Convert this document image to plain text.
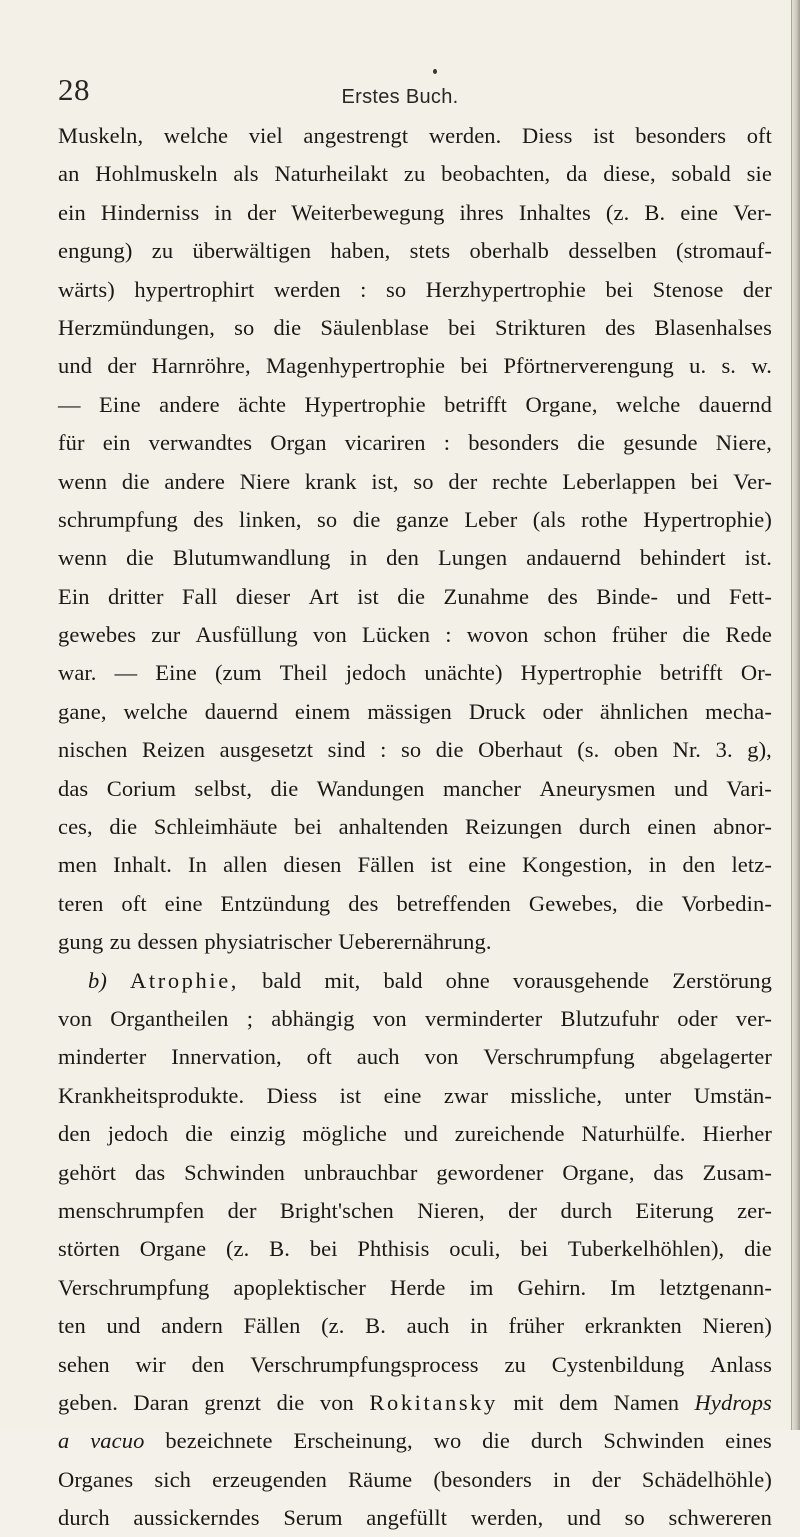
28	Erstes Buch.
Muskeln, welche viel angestrengt werden. Diess ist besonders oft
an Hohlmuskeln als Naturheilakt zu beobachten, da diese, sobald sie
ein Hinderniss in der Weiterbewegung ihres Inhaltes (z. B. eine Ver-
engung) zu überwältigen haben, stets oberhalb desselben (stromauf-
wärts) hypertrophirt werden : so Herzhypertrophie bei Stenose der
Herzmündungen, so die Säulenblase bei Strikturen des Blasenhalses
und der Harnröhre, Magenhypertrophie bei Pförtnerverengung u. s. w.
— Eine andere ächte Hypertrophie betrifft Organe, welche dauernd
für ein verwandtes Organ vicariren : besonders die gesunde Niere,
wenn die andere Niere krank ist, so der rechte Leberlappen bei Ver-
schrumpfung des linken, so die ganze Leber (als rothe Hypertrophie)
wenn die Blutumwandlung in den Lungen andauernd behindert ist.
Ein dritter Fall dieser Art ist die Zunahme des Binde- und Fett-
gewebes zur Ausfüllung von Lücken : wovon schon früher die Rede
war. — Eine (zum Theil jedoch unächte) Hypertrophie betrifft Or-
gane, welche dauernd einem mässigen Druck oder ähnlichen mecha-
nischen Reizen ausgesetzt sind : so die Oberhaut (s. oben Nr. 3. g),
das Corium selbst, die Wandungen mancher Aneurysmen und Vari-
ces, die Schleimhäute bei anhaltenden Reizungen durch einen abnor-
men Inhalt. In allen diesen Fällen ist eine Kongestion, in den letz-
teren oft eine Entzündung des betreffenden Gewebes, die Vorbedin-
gung zu dessen physiatrischer Ueberernährung.
b) Atrophie, bald mit, bald ohne vorausgehende Zerstörung
von Organtheilen ; abhängig von verminderter Blutzufuhr oder ver-
minderter Innervation, oft auch von Verschrumpfung abgelagerter
Krankheitsprodukte. Diess ist eine zwar missliche, unter Umstän-
den jedoch die einzig mögliche und zureichende Naturhülfe. Hierher
gehört das Schwinden unbrauchbar gewordener Organe, das Zusam-
menschrumpfen der Bright'schen Nieren, der durch Eiterung zer-
störten Organe (z. B. bei Phthisis oculi, bei Tuberkelhöhlen), die
Verschrumpfung apoplektischer Herde im Gehirn. Im letztgenann-
ten und andern Fällen (z. B. auch in früher erkrankten Nieren)
sehen wir den Verschrumpfungsprocess zu Cystenbildung Anlass
geben. Daran grenzt die von Rokitansky mit dem Namen Hydrops
a vacuo bezeichnete Erscheinung, wo die durch Schwinden eines
Organes sich erzeugenden Räume (besonders in der Schädelhöhle)
durch aussickerndes Serum angefüllt werden, und so schwereren
